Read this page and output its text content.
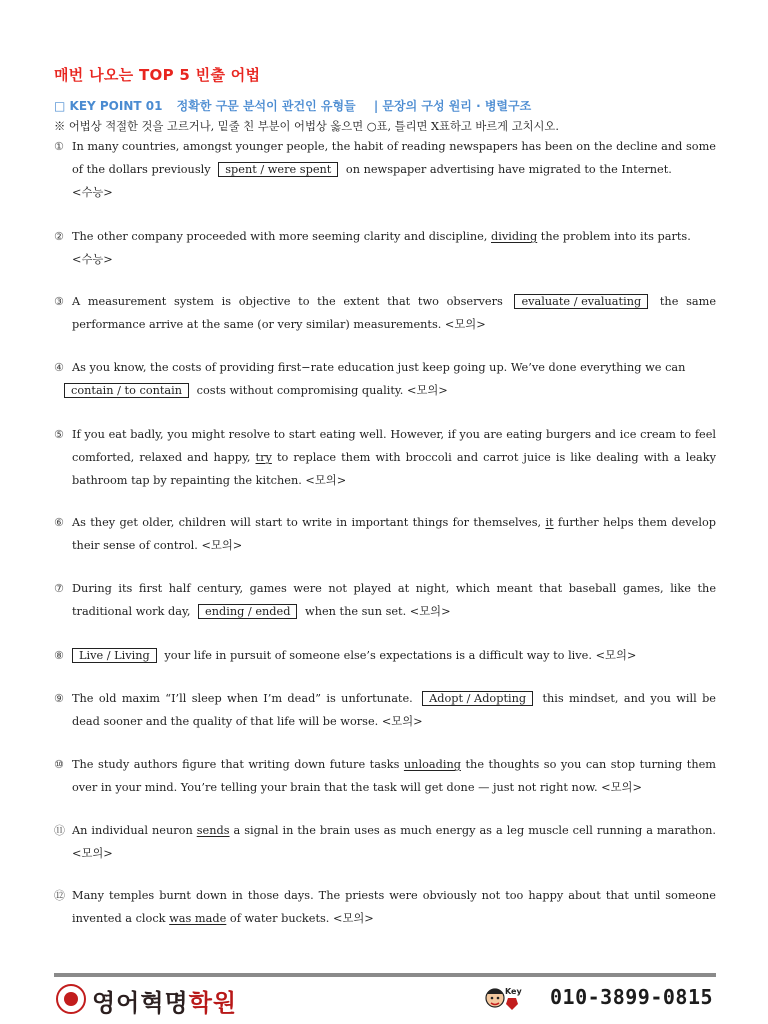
매번 나오는 TOP 5 빈출 어법
□ KEY POINT 01 정확한 구문 분석이 관건인 유형들 | 문장의 구성 원리 · 병렬구조
※ 어법상 적절한 것을 고르거나, 밑줄 친 부분이 어법상 옳으면 ○표, 틀리면 X표하고 바르게 고치시오.
① In many countries, amongst younger people, the habit of reading newspapers has been on the decline and some of the dollars previously spent / were spent on newspaper advertising have migrated to the Internet.
<수능>
② The other company proceeded with more seeming clarity and discipline, dividing the problem into its parts.
<수능>
③ A measurement system is objective to the extent that two observers evaluate / evaluating the same performance arrive at the same (or very similar) measurements. <모의>
④ As you know, the costs of providing first−rate education just keep going up. We’ve done everything we can
contain / to contain costs without compromising quality. <모의>
⑤ If you eat badly, you might resolve to start eating well. However, if you are eating burgers and ice cream to feel comforted, relaxed and happy, try to replace them with broccoli and carrot juice is like dealing with a leaky bathroom tap by repainting the kitchen. <모의>
⑥ As they get older, children will start to write in important things for themselves, it further helps them develop their sense of control. <모의>
⑦ During its first half century, games were not played at night, which meant that baseball games, like the traditional work day, ending / ended when the sun set. <모의>
⑧	Live / Living your life in pursuit of someone else’s expectations is a difficult way to live. <모의>
⑨ The old maxim “I’ll sleep when I’m dead” is unfortunate. Adopt / Adopting this mindset, and you will be dead sooner and the quality of that life will be worse. <모의>
⑩ The study authors figure that writing down future tasks unloading the thoughts so you can stop turning them over in your mind. You’re telling your brain that the task will get done — just not right now. <모의>
⑪ An individual neuron sends a signal in the brain uses as much energy as a leg muscle cell running a marathon. <모의>
⑫ Many temples burnt down in those days. The priests were obviously not too happy about that until someone invented a clock was made of water buckets. <모의>
영어혁명학원	Key 010-3899-0815
